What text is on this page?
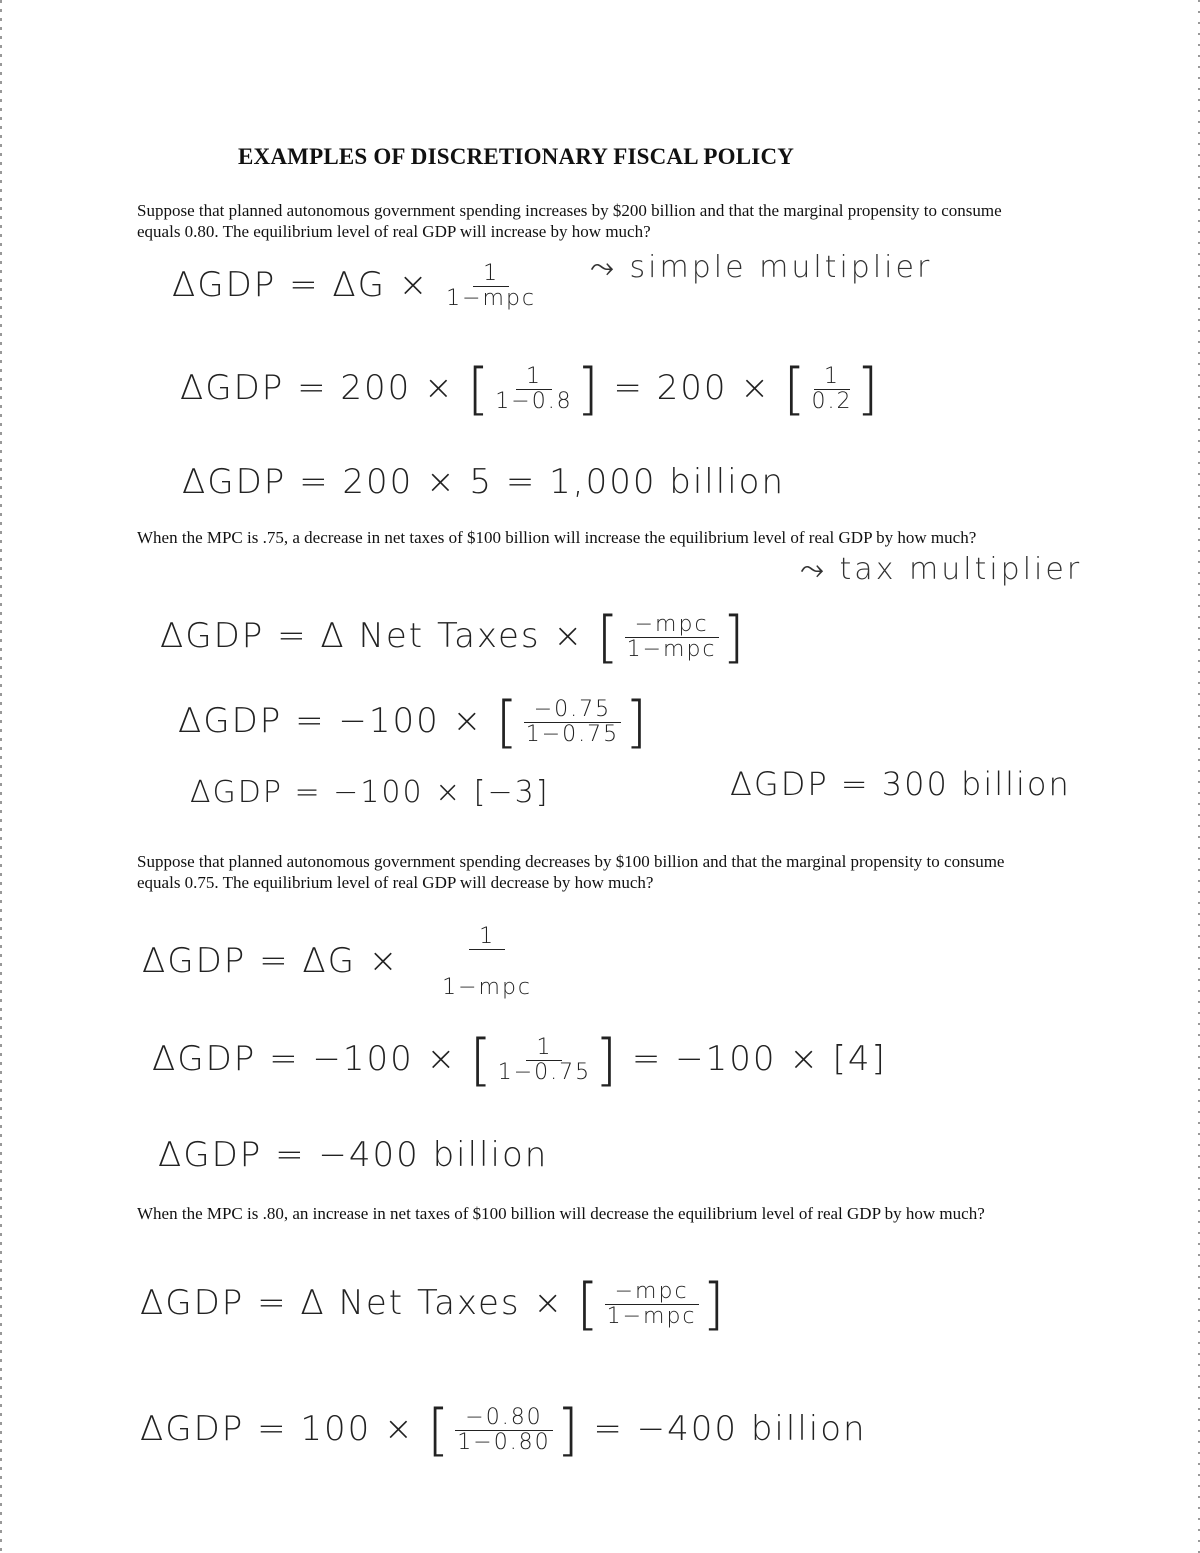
EXAMPLES OF DISCRETIONARY FISCAL POLICY
Suppose that planned autonomous government spending increases by $200 billion and that the marginal propensity to consume equals 0.80. The equilibrium level of real GDP will increase by how much?
$\Delta GDP = \Delta G \times \frac{1}{\text{1−mpc}}$ ⤳ simple multiplier
ΔGDP = 200 × [ $\frac{1}{1-0.8}$ ] = 200 × [ $\frac{1}{0.2}$ ]
ΔGDP = 200 × 5 = 1,000 billion
When the MPC is .75, a decrease in net taxes of $100 billion will increase the equilibrium level of real GDP by how much?
⤳ tax multiplier
ΔGDP = Δ Net Taxes × [ $\frac{\text{−mpc}}{\text{1−mpc}}$ ]
ΔGDP = −100 × [ $\frac{-0.75}{1-0.75}$ ]
ΔGDP = −100 × [−3]	ΔGDP = 300 billion
Suppose that planned autonomous government spending decreases by $100 billion and that the marginal propensity to consume equals 0.75. The equilibrium level of real GDP will decrease by how much?
$\Delta GDP = \Delta G \times \frac{1}{\text{1−mpc}}$
ΔGDP = −100 × [ $\frac{1}{1-0.75}$ ] = −100 × [4]
ΔGDP = −400 billion
When the MPC is .80, an increase in net taxes of $100 billion will decrease the equilibrium level of real GDP by how much?
ΔGDP = Δ Net Taxes × [ $\frac{\text{−mpc}}{\text{1−mpc}}$ ]
ΔGDP = 100 × [ $\frac{-0.80}{1-0.80}$ ] = −400 billion
